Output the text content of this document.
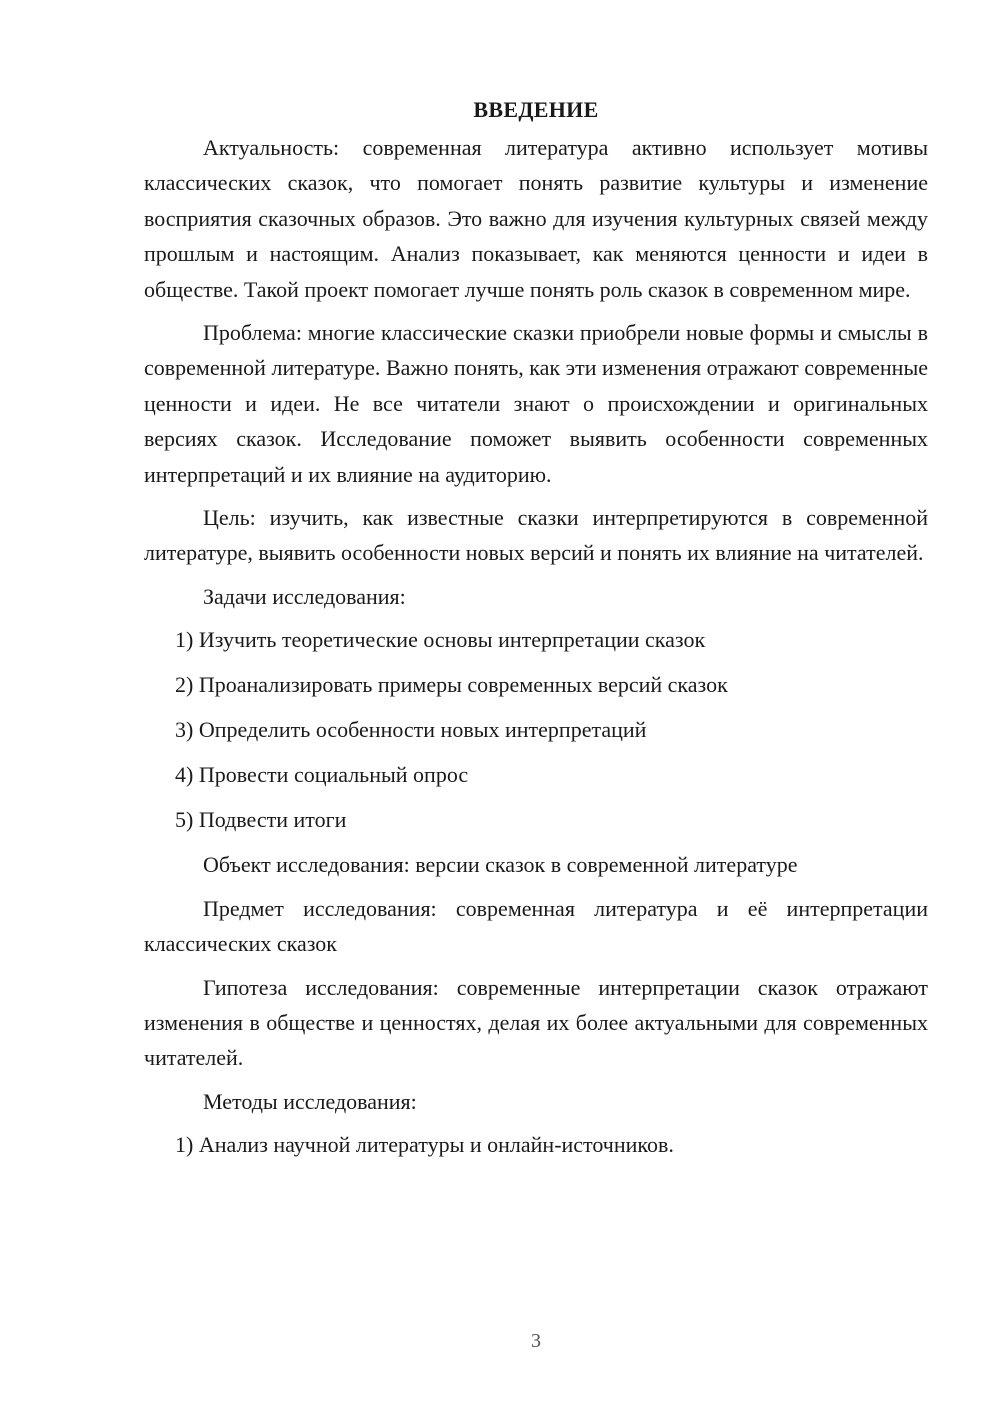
ВВЕДЕНИЕ

Актуальность: современная литература активно использует мотивы классических сказок, что помогает понять развитие культуры и изменение восприятия сказочных образов. Это важно для изучения культурных связей между прошлым и настоящим. Анализ показывает, как меняются ценности и идеи в обществе. Такой проект помогает лучше понять роль сказок в современном мире.

Проблема: многие классические сказки приобрели новые формы и смыслы в современной литературе. Важно понять, как эти изменения отражают современные ценности и идеи. Не все читатели знают о происхождении и оригинальных версиях сказок. Исследование поможет выявить особенности современных интерпретаций и их влияние на аудиторию.

Цель: изучить, как известные сказки интерпретируются в современной литературе, выявить особенности новых версий и понять их влияние на читателей.

Задачи исследования:

1) Изучить теоретические основы интерпретации сказок
2) Проанализировать примеры современных версий сказок
3) Определить особенности новых интерпретаций
4) Провести социальный опрос
5) Подвести итоги

Объект исследования: версии сказок в современной литературе

Предмет исследования: современная литература и её интерпретации классических сказок

Гипотеза исследования: современные интерпретации сказок отражают изменения в обществе и ценностях, делая их более актуальными для современных читателей.

Методы исследования:

1) Анализ научной литературы и онлайн-источников.
3
